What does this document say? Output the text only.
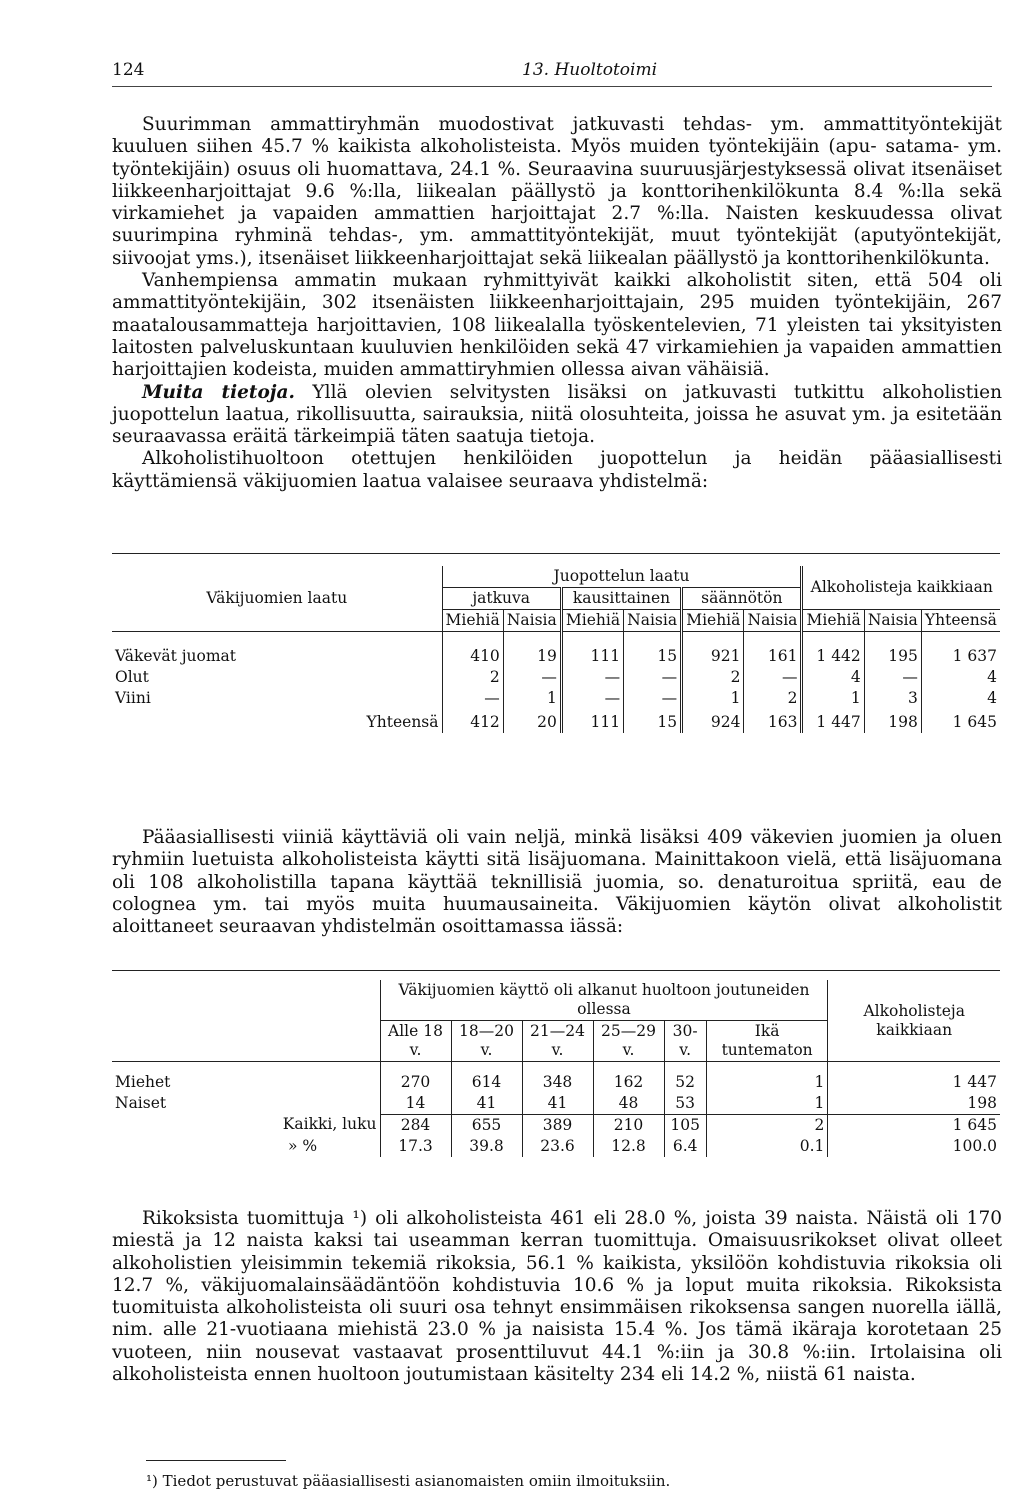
124	13. Huoltotoimi

Suurimman ammattiryhmän muodostivat jatkuvasti tehdas- ym. ammattityöntekijät kuuluen siihen 45.7 % kaikista alkoholisteista. Myös muiden työntekijäin (apu- satama- ym. työntekijäin) osuus oli huomattava, 24.1 %. Seuraavina suuruusjärjestyksessä olivat itsenäiset liikkeenharjoittajat 9.6 %:lla, liikealan päällystö ja konttorihenkilökunta 8.4 %:lla sekä virkamiehet ja vapaiden ammattien harjoittajat 2.7 %:lla. Naisten keskuudessa olivat suurimpina ryhminä tehdas-, ym. ammattityöntekijät, muut työntekijät (aputyöntekijät, siivoojat yms.), itsenäiset liikkeenharjoittajat sekä liikealan päällystö ja konttorihenkilökunta.

Vanhempiensa ammatin mukaan ryhmittyivät kaikki alkoholistit siten, että 504 oli ammattityöntekijäin, 302 itsenäisten liikkeenharjoittajain, 295 muiden työntekijäin, 267 maatalousammatteja harjoittavien, 108 liikealalla työskentelevien, 71 yleisten tai yksityisten laitosten palveluskuntaan kuuluvien henkilöiden sekä 47 virkamiehien ja vapaiden ammattien harjoittajien kodeista, muiden ammattiryhmien ollessa aivan vähäisiä.

Muita tietoja. Yllä olevien selvitysten lisäksi on jatkuvasti tutkittu alkoholistien juopottelun laatua, rikollisuutta, sairauksia, niitä olosuhteita, joissa he asuvat ym. ja esitetään seuraavassa eräitä tärkeimpiä täten saatuja tietoja.

Alkoholistihuoltoon otettujen henkilöiden juopottelun ja heidän pääasiallisesti käyttämiensä väkijuomien laatua valaisee seuraava yhdistelmä:

Väkijuomien laatu	Juopottelun laatu						Alkoholisteja kaikkiaan		
	jatkuva		kausittainen		säännötön				
	Miehiä	Naisia	Miehiä	Naisia	Miehiä	Naisia	Miehiä	Naisia	Yhteensä

Väkevät juomat	410	19	111	15	921	161	1 442	195	1 637
Olut	2	—	—	—	2	—	4	—	4
Viini	—	1	—	—	1	2	1	3	4
Yhteensä	412	20	111	15	924	163	1 447	198	1 645

Pääasiallisesti viiniä käyttäviä oli vain neljä, minkä lisäksi 409 väkevien juomien ja oluen ryhmiin luetuista alkoholisteista käytti sitä lisäjuomana. Mainittakoon vielä, että lisäjuomana oli 108 alkoholistilla tapana käyttää teknillisiä juomia, so. denaturoitua spriitä, eau de colognea ym. tai myös muita huumausaineita. Väkijuomien käytön olivat alkoholistit aloittaneet seuraavan yhdistelmän osoittamassa iässä:

	Väkijuomien käyttö oli alkanut huoltoon joutuneiden ollessa						Alkoholisteja kaikkiaan
	Alle 18 v.	18—20 v.	21—24 v.	25—29 v.	30-v.	Ikä tuntematon	

Miehet	270	614	348	162	52	1	1 447
Naiset	14	41	41	48	53	1	198
Kaikki, luku	284	655	389	210	105	2	1 645
» %	17.3	39.8	23.6	12.8	6.4	0.1	100.0

Rikoksista tuomittuja ¹) oli alkoholisteista 461 eli 28.0 %, joista 39 naista. Näistä oli 170 miestä ja 12 naista kaksi tai useamman kerran tuomittuja. Omaisuusrikokset olivat olleet alkoholistien yleisimmin tekemiä rikoksia, 56.1 % kaikista, yksilöön kohdistuvia rikoksia oli 12.7 %, väkijuomalainsäädäntöön kohdistuvia 10.6 % ja loput muita rikoksia. Rikoksista tuomituista alkoholisteista oli suuri osa tehnyt ensimmäisen rikoksensa sangen nuorella iällä, nim. alle 21-vuotiaana miehistä 23.0 % ja naisista 15.4 %. Jos tämä ikäraja korotetaan 25 vuoteen, niin nousevat vastaavat prosenttiluvut 44.1 %:iin ja 30.8 %:iin. Irtolaisina oli alkoholisteista ennen huoltoon joutumistaan käsitelty 234 eli 14.2 %, niistä 61 naista.

¹) Tiedot perustuvat pääasiallisesti asianomaisten omiin ilmoituksiin.
